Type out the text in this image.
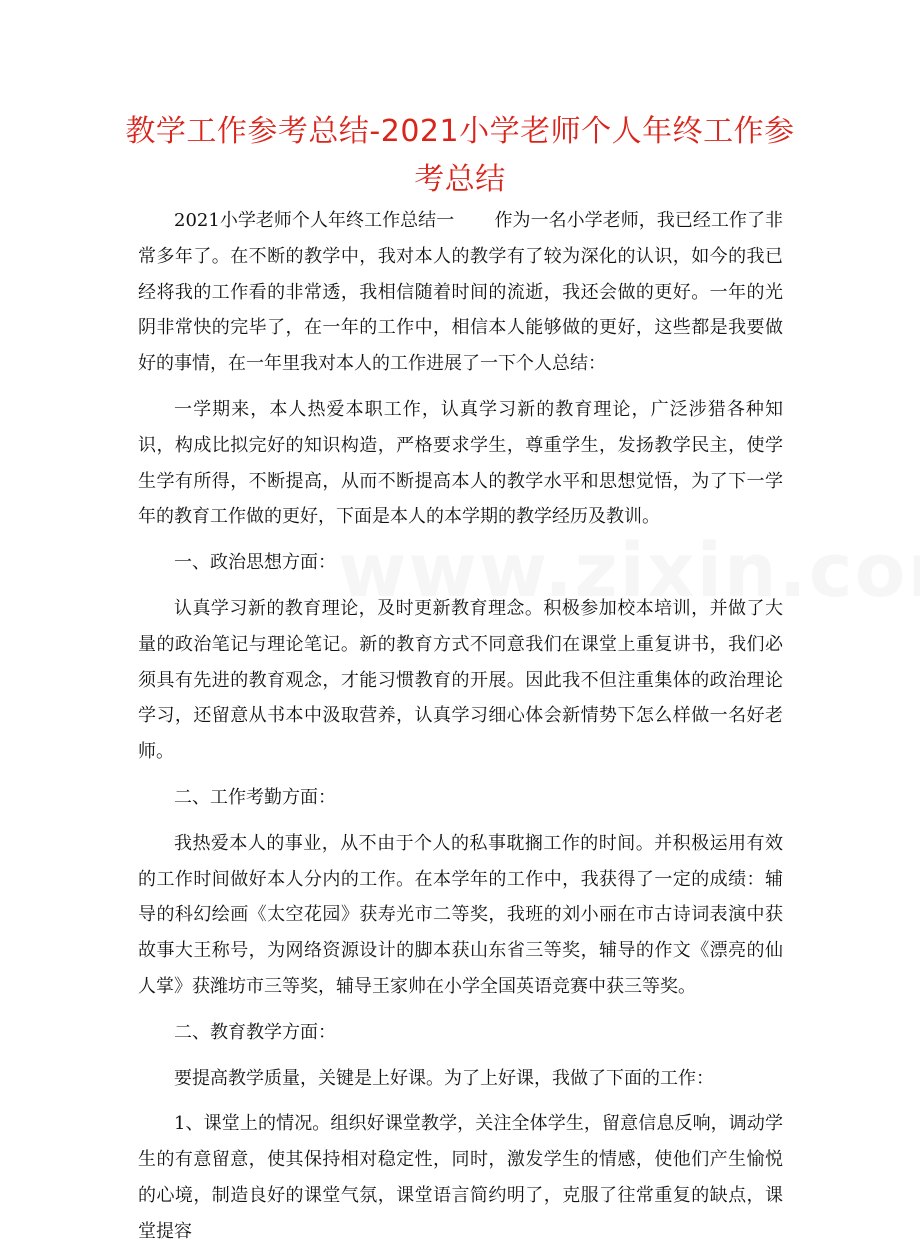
教学工作参考总结-2021小学老师个人年终工作参考总结

2021小学老师个人年终工作总结一 作为一名小学老师，我已经工作了非常多年了。在不断的教学中，我对本人的教学有了较为深化的认识，如今的我已经将我的工作看的非常透，我相信随着时间的流逝，我还会做的更好。一年的光阴非常快的完毕了，在一年的工作中，相信本人能够做的更好，这些都是我要做好的事情，在一年里我对本人的工作进展了一下个人总结：

一学期来，本人热爱本职工作，认真学习新的教育理论，广泛涉猎各种知识，构成比拟完好的知识构造，严格要求学生，尊重学生，发扬教学民主，使学生学有所得，不断提高，从而不断提高本人的教学水平和思想觉悟，为了下一学年的教育工作做的更好，下面是本人的本学期的教学经历及教训。

一、政治思想方面：

认真学习新的教育理论，及时更新教育理念。积极参加校本培训，并做了大量的政治笔记与理论笔记。新的教育方式不同意我们在课堂上重复讲书，我们必须具有先进的教育观念，才能习惯教育的开展。因此我不但注重集体的政治理论学习，还留意从书本中汲取营养，认真学习细心体会新情势下怎么样做一名好老师。

二、工作考勤方面：

我热爱本人的事业，从不由于个人的私事耽搁工作的时间。并积极运用有效的工作时间做好本人分内的工作。在本学年的工作中，我获得了一定的成绩：辅导的科幻绘画《太空花园》获寿光市二等奖，我班的刘小丽在市古诗词表演中获故事大王称号，为网络资源设计的脚本获山东省三等奖，辅导的作文《漂亮的仙人掌》获潍坊市三等奖，辅导王家帅在小学全国英语竞赛中获三等奖。

二、教育教学方面：

要提高教学质量，关键是上好课。为了上好课，我做了下面的工作：

1、课堂上的情况。组织好课堂教学，关注全体学生，留意信息反响，调动学生的有意留意，使其保持相对稳定性，同时，激发学生的情感，使他们产生愉悦的心境，制造良好的课堂气氛，课堂语言简约明了，克服了往常重复的缺点，课堂提容
